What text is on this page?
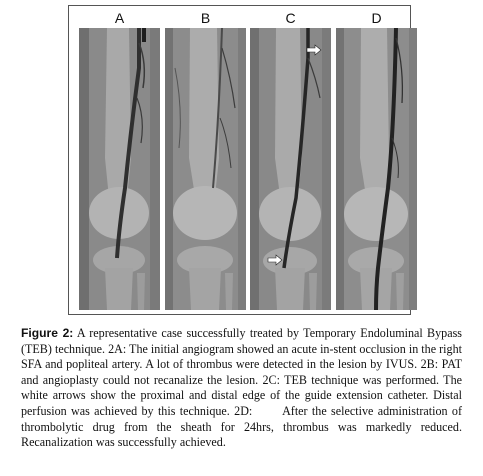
A	B	C	D
Figure 2: A representative case successfully treated by Temporary Endoluminal Bypass (TEB) technique. 2A: The initial angiogram showed an acute in-stent occlusion in the right SFA and popliteal artery. A lot of thrombus were detected in the lesion by IVUS. 2B: PAT and angioplasty could not recanalize the lesion. 2C: TEB technique was performed. The white arrows show the proximal and distal edge of the guide extension catheter. Distal perfusion was achieved by this technique. 2D:       After the selective administration of thrombolytic drug from the sheath for 24hrs, thrombus was markedly reduced. Recanalization was successfully achieved.
